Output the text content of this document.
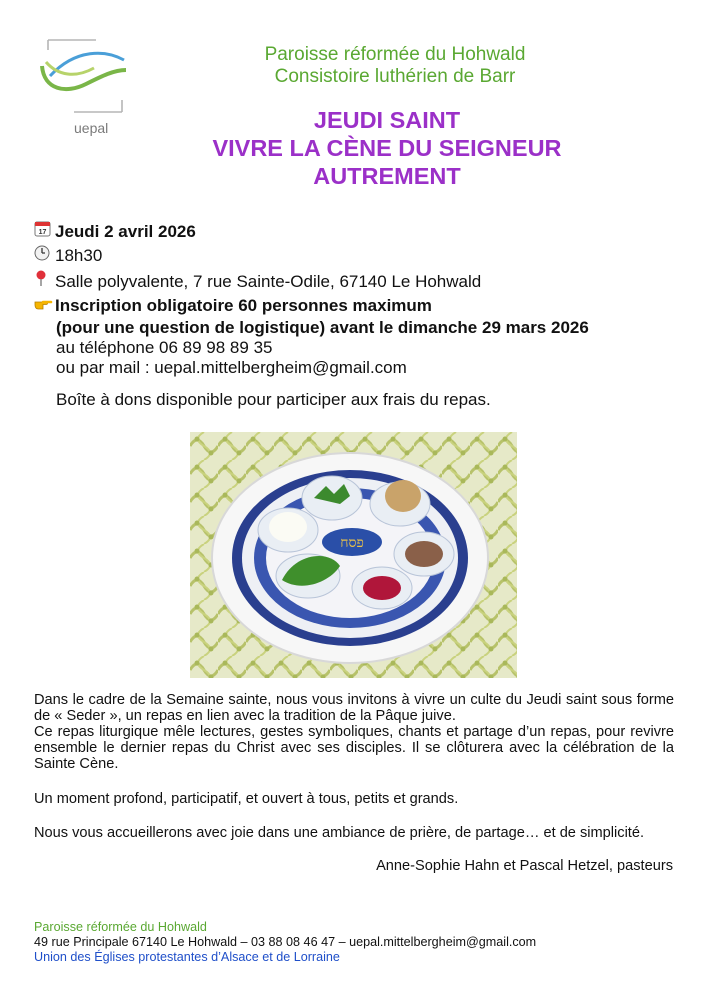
uepal
Paroisse réformée du Hohwald
Consistoire luthérien de Barr
JEUDI SAINT
VIVRE LA CÈNE DU SEIGNEUR
AUTREMENT
17 Jeudi 2 avril 2026
18h30
Salle polyvalente, 7 rue Sainte-Odile, 67140 Le Hohwald
Inscription obligatoire 60 personnes maximum
(pour une question de logistique) avant le dimanche 29 mars 2026
au téléphone 06 89 98 89 35
ou par mail : uepal.mittelbergheim@gmail.com
Boîte à dons disponible pour participer aux frais du repas.
פסח
Dans le cadre de la Semaine sainte, nous vous invitons à vivre un culte du Jeudi saint sous forme de « Seder », un repas en lien avec la tradition de la Pâque juive.
Ce repas liturgique mêle lectures, gestes symboliques, chants et partage d’un repas, pour revivre ensemble le dernier repas du Christ avec ses disciples. Il se clôturera avec la célébration de la Sainte Cène.
Un moment profond, participatif, et ouvert à tous, petits et grands.
Nous vous accueillerons avec joie dans une ambiance de prière, de partage… et de simplicité.
Anne-Sophie Hahn et Pascal Hetzel, pasteurs
Paroisse réformée du Hohwald
49 rue Principale 67140 Le Hohwald – 03 88 08 46 47 – uepal.mittelbergheim@gmail.com
Union des Églises protestantes d’Alsace et de Lorraine
